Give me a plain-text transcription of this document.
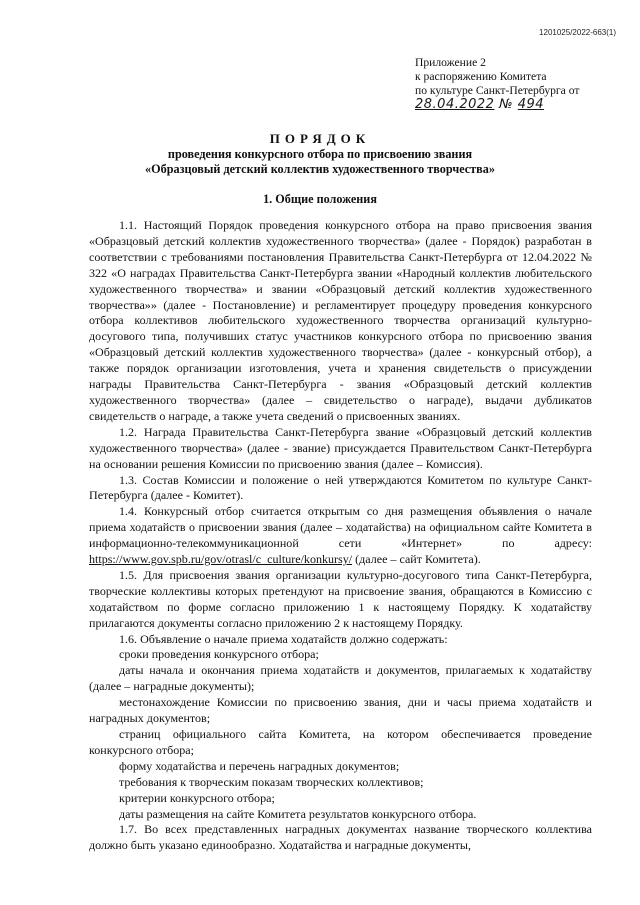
1201025/2022-663(1)
Приложение 2
к распоряжению Комитета
по культуре Санкт-Петербурга от
28.04.2022 № 494
ПОРЯДОК
проведения конкурсного отбора по присвоению звания
«Образцовый детский коллектив художественного творчества»
1. Общие положения

1.1. Настоящий Порядок проведения конкурсного отбора на право присвоения звания «Образцовый детский коллектив художественного творчества» (далее - Порядок) разработан в соответствии с требованиями постановления Правительства Санкт-Петербурга от 12.04.2022 № 322 «О наградах Правительства Санкт-Петербурга звании «Народный коллектив любительского художественного творчества» и звании «Образцовый детский коллектив художественного творчества»» (далее - Постановление) и регламентирует процедуру проведения конкурсного отбора коллективов любительского художественного творчества организаций культурно-досугового типа, получивших статус участников конкурсного отбора по присвоению звания «Образцовый детский коллектив художественного творчества» (далее - конкурсный отбор), а также порядок организации изготовления, учета и хранения свидетельств о присуждении награды Правительства Санкт-Петербурга - звания «Образцовый детский коллектив художественного творчества» (далее – свидетельство о награде), выдачи дубликатов свидетельств о награде, а также учета сведений о присвоенных званиях.

1.2. Награда Правительства Санкт-Петербурга звание «Образцовый детский коллектив художественного творчества» (далее - звание) присуждается Правительством Санкт-Петербурга на основании решения Комиссии по присвоению звания (далее – Комиссия).

1.3. Состав Комиссии и положение о ней утверждаются Комитетом по культуре Санкт-Петербурга (далее - Комитет).

1.4. Конкурсный отбор считается открытым со дня размещения объявления о начале приема ходатайств о присвоении звания (далее – ходатайства) на официальном сайте Комитета в информационно-телекоммуникационной сети «Интернет» по адресу: https://www.gov.spb.ru/gov/otrasl/c_culture/konkursy/ (далее – сайт Комитета).

1.5. Для присвоения звания организации культурно-досугового типа Санкт-Петербурга, творческие коллективы которых претендуют на присвоение звания, обращаются в Комиссию с ходатайством по форме согласно приложению 1 к настоящему Порядку. К ходатайству прилагаются документы согласно приложению 2 к настоящему Порядку.

1.6. Объявление о начале приема ходатайств должно содержать:

сроки проведения конкурсного отбора;

даты начала и окончания приема ходатайств и документов, прилагаемых к ходатайству (далее – наградные документы);

местонахождение Комиссии по присвоению звания, дни и часы приема ходатайств и наградных документов;

страниц официального сайта Комитета, на котором обеспечивается проведение конкурсного отбора;

форму ходатайства и перечень наградных документов;

требования к творческим показам творческих коллективов;

критерии конкурсного отбора;

даты размещения на сайте Комитета результатов конкурсного отбора.

1.7. Во всех представленных наградных документах название творческого коллектива должно быть указано единообразно. Ходатайства и наградные документы,
